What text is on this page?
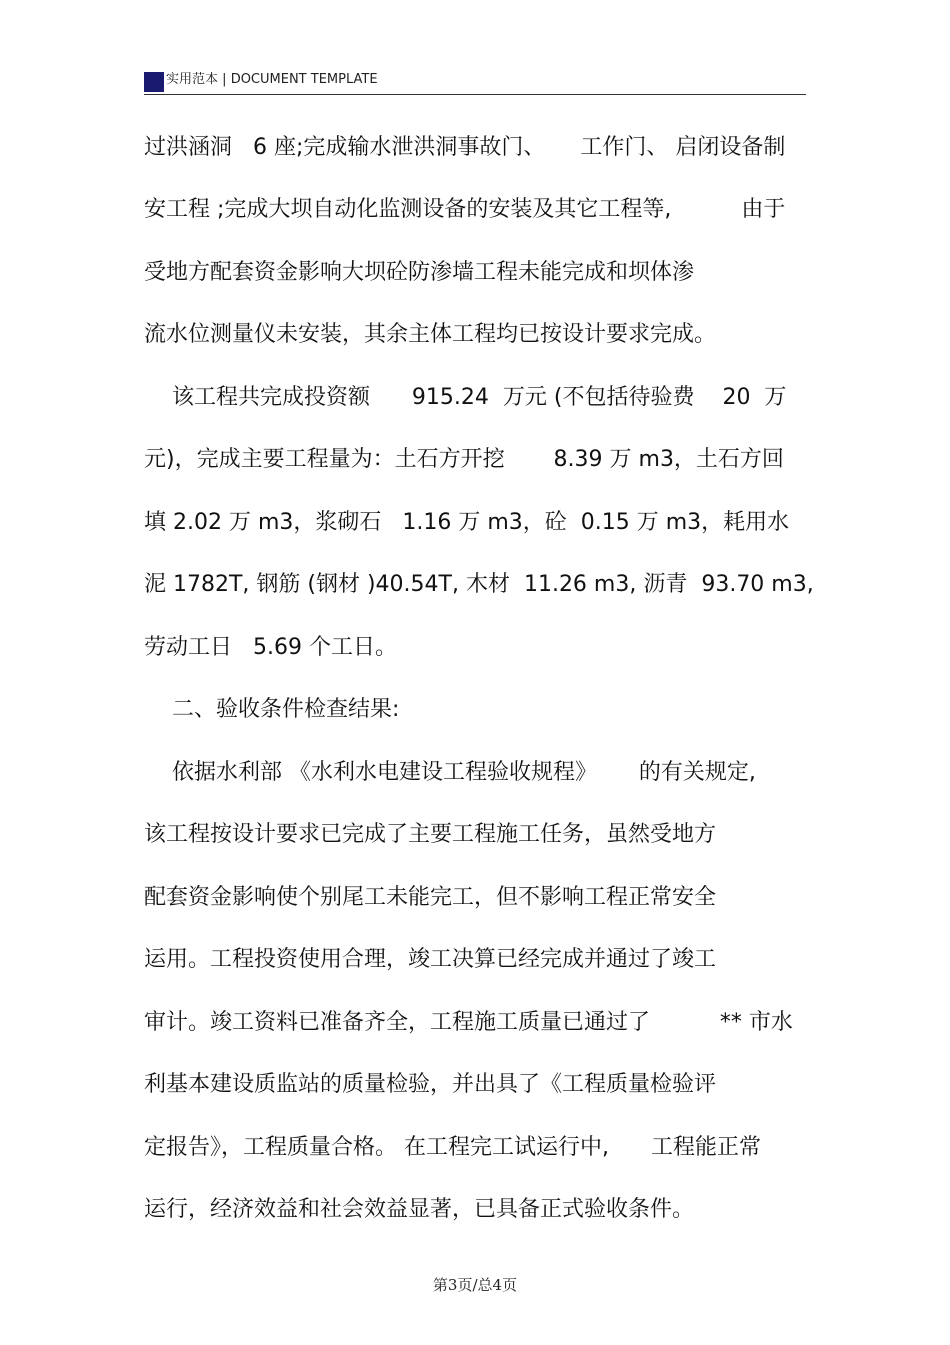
实用范本 | DOCUMENT TEMPLATE
过洪涵洞   6 座;完成输水泄洪洞事故门、     工作门、 启闭设备制
安工程 ;完成大坝自动化监测设备的安装及其它工程等,          由于
受地方配套资金影响大坝砼防渗墙工程未能完成和坝体渗
流水位测量仪未安装，其余主体工程均已按设计要求完成。
该工程共完成投资额      915.24  万元 (不包括待验费    20  万
元)，完成主要工程量为：土石方开挖       8.39 万 m3，土石方回
填 2.02 万 m3，浆砌石   1.16 万 m3，砼  0.15 万 m3，耗用水
泥 1782T, 钢筋 (钢材 )40.54T, 木材  11.26 m3, 沥青  93.70 m3,
劳动工日   5.69 个工日。
二、验收条件检查结果:
依据水利部 《水利水电建设工程验收规程》      的有关规定,
该工程按设计要求已完成了主要工程施工任务，虽然受地方
配套资金影响使个别尾工未能完工，但不影响工程正常安全
运用。工程投资使用合理，竣工决算已经完成并通过了竣工
审计。竣工资料已准备齐全，工程施工质量已通过了          ** 市水
利基本建设质监站的质量检验，并出具了《工程质量检验评
定报告》，工程质量合格。 在工程完工试运行中,      工程能正常
运行，经济效益和社会效益显著，已具备正式验收条件。
第3页/总4页
